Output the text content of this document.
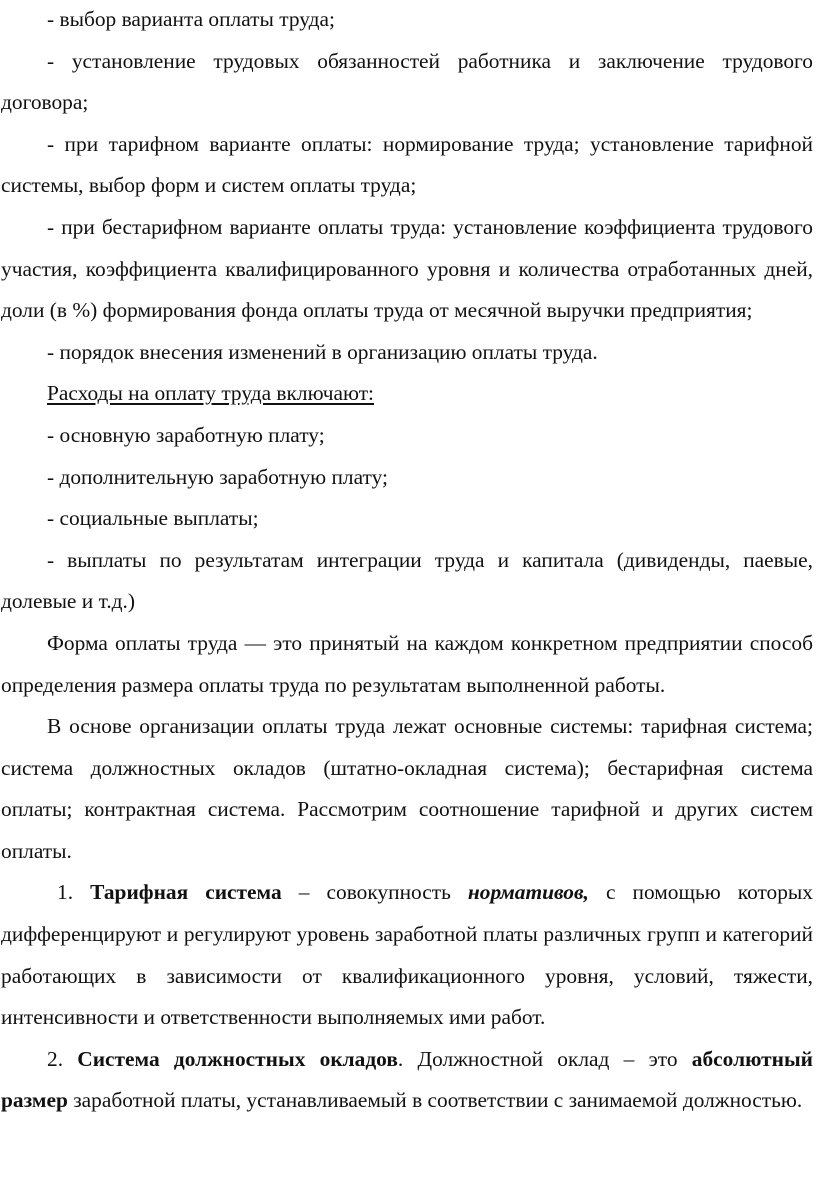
- выбор варианта оплаты труда;

- установление трудовых обязанностей работника и заключение трудового договора;

- при тарифном варианте оплаты: нормирование труда; установление тарифной системы, выбор форм и систем оплаты труда;

- при бестарифном варианте оплаты труда: установление коэффициента трудового участия, коэффициента квалифицированного уровня и количества отработанных дней, доли (в %) формирования фонда оплаты труда от месячной выручки предприятия;

- порядок внесения изменений в организацию оплаты труда.

Расходы на оплату труда включают:

- основную заработную плату;

- дополнительную заработную плату;

- социальные выплаты;

- выплаты по результатам интеграции труда и капитала (дивиденды, паевые, долевые и т.д.)

Форма оплаты труда — это принятый на каждом конкретном предприятии способ определения размера оплаты труда по результатам выполненной работы.

В основе организации оплаты труда лежат основные системы: тарифная система; система должностных окладов (штатно-окладная система); бестарифная система оплаты; контрактная система. Рассмотрим соотношение тарифной и других систем оплаты.

1. Тарифная система – совокупность нормативов, с помощью которых дифференцируют и регулируют уровень заработной платы различных групп и категорий работающих в зависимости от квалификационного уровня, условий, тяжести, интенсивности и ответственности выполняемых ими работ.

2. Система должностных окладов. Должностной оклад – это абсолютный размер заработной платы, устанавливаемый в соответствии с занимаемой должностью.
